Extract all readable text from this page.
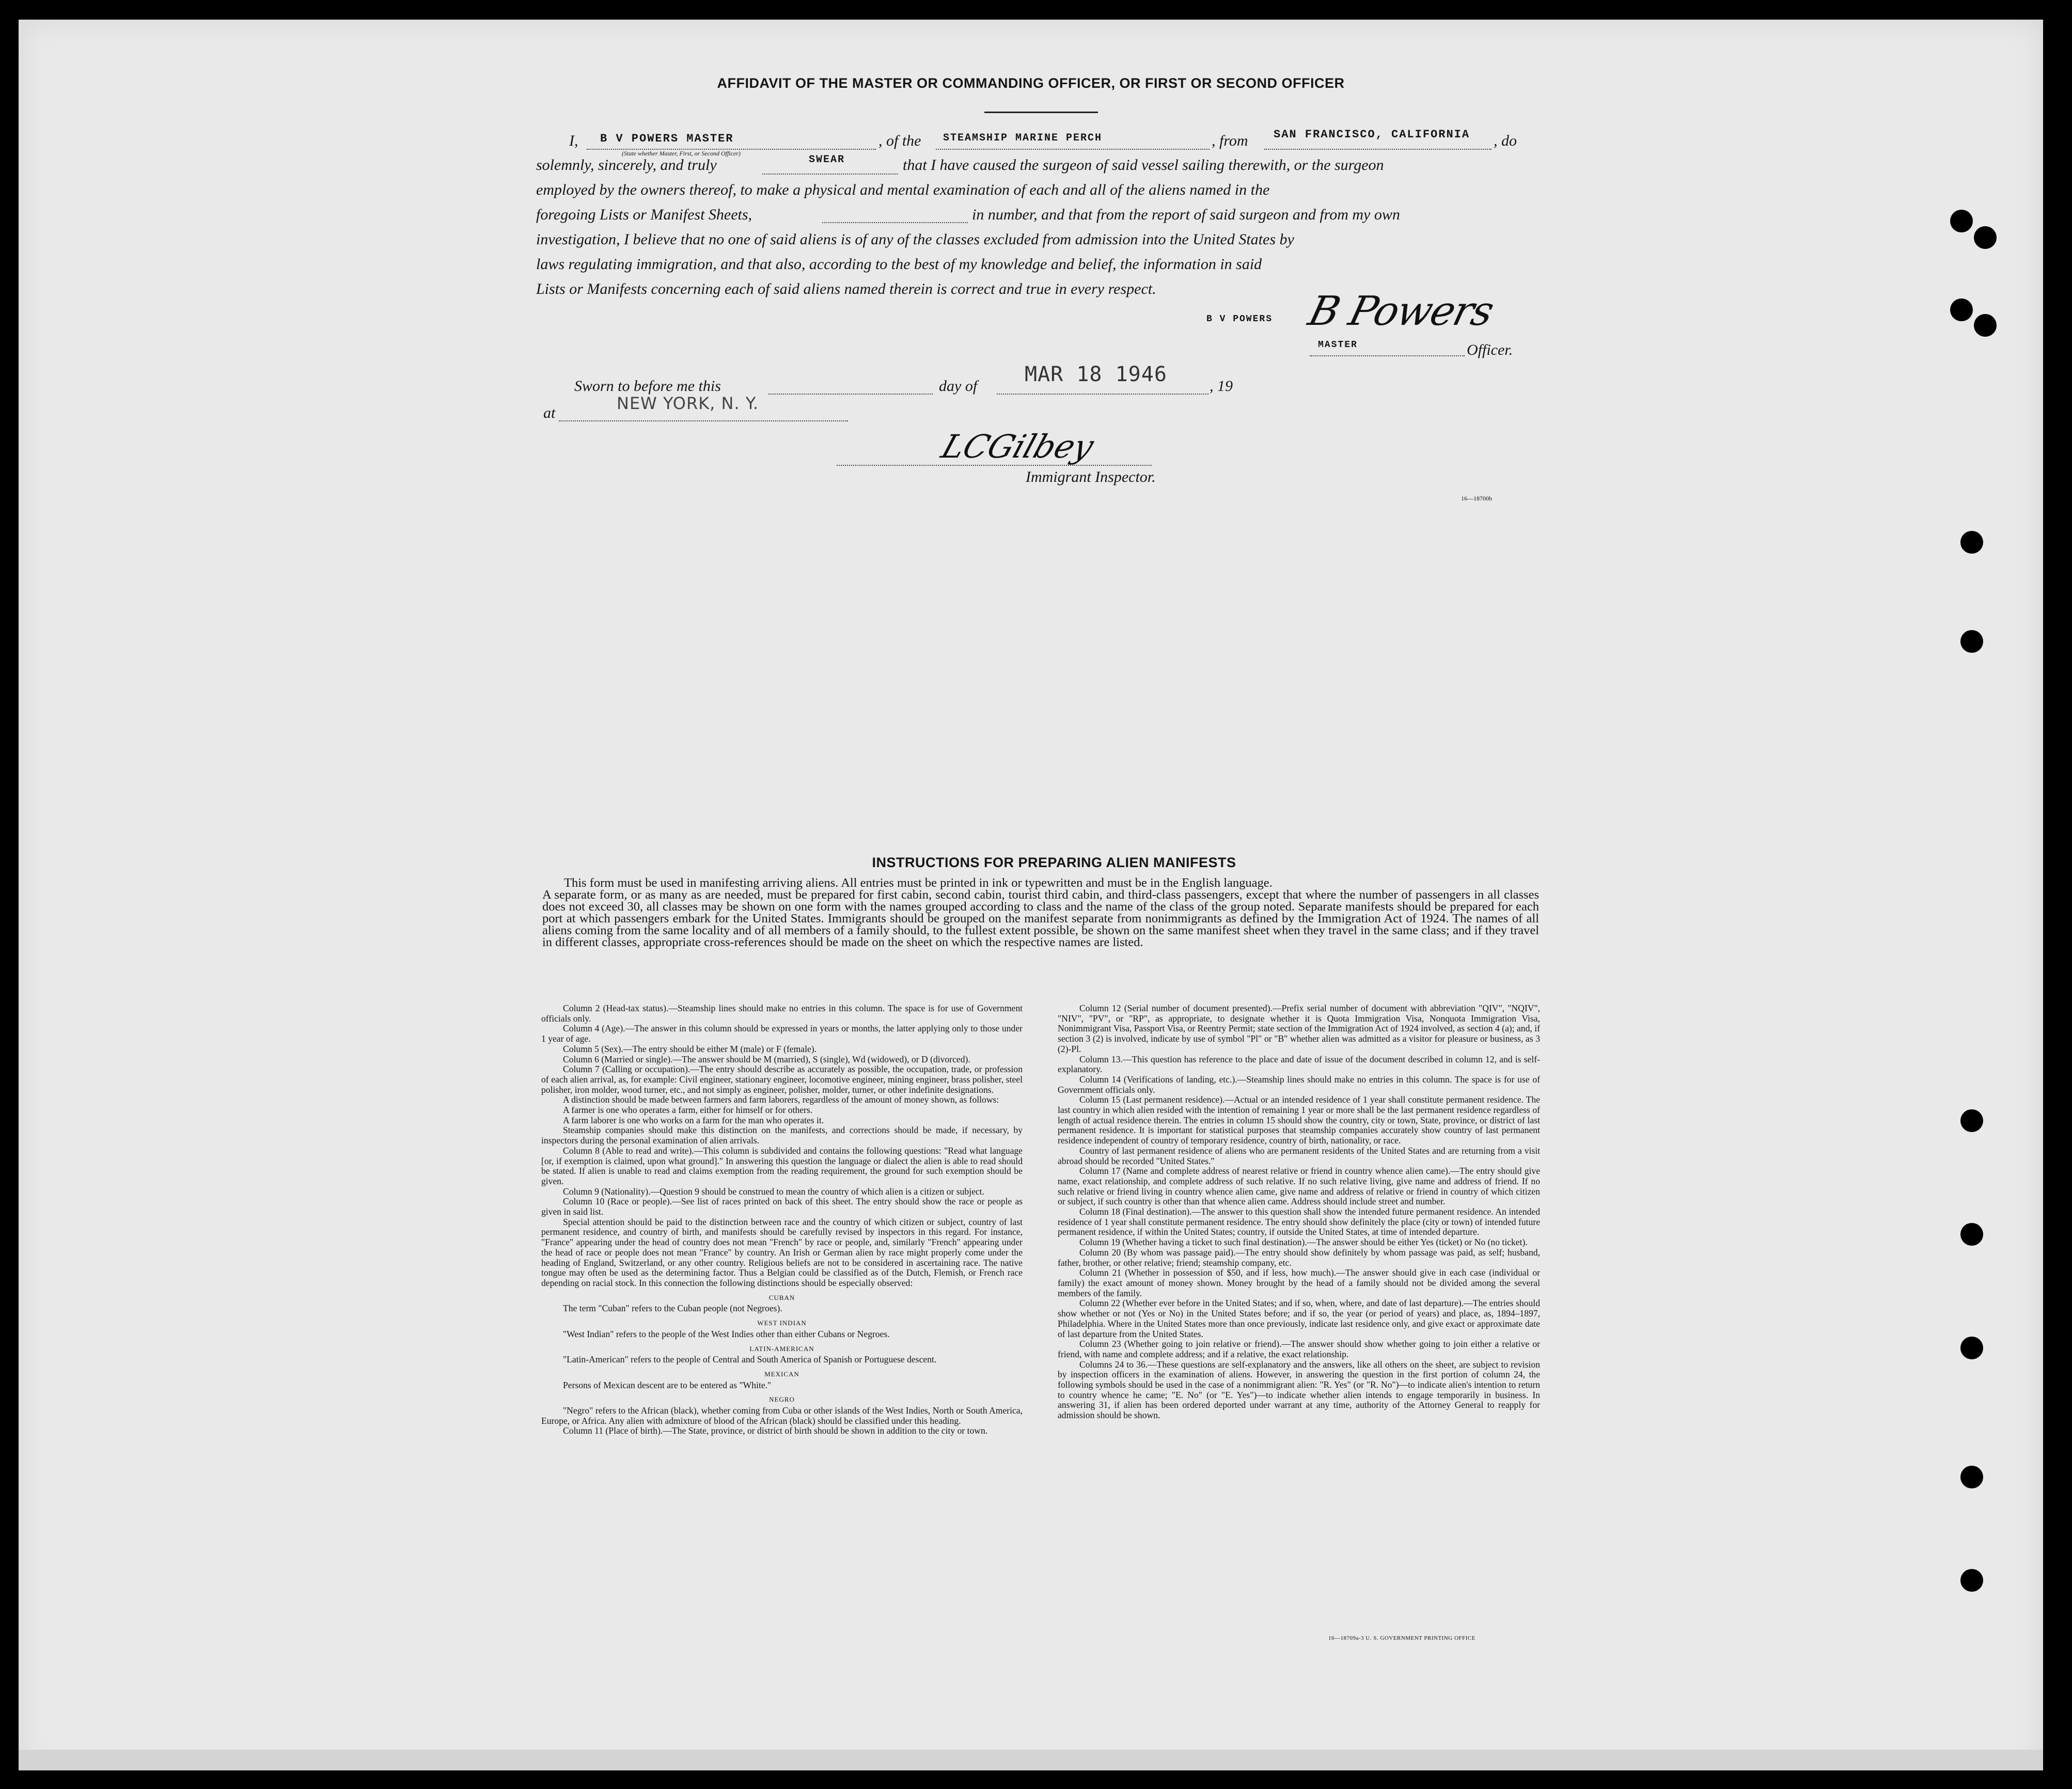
AFFIDAVIT OF THE MASTER OR COMMANDING OFFICER, OR FIRST OR SECOND OFFICER
I, B V POWERS MASTER	, of the STEAMSHIP MARINE PERCH	, from SAN FRANCISCO, CALIFORNIA , do
(State whether Master, First, or Second Officer)
solemnly, sincerely, and truly	SWEAR	that I have caused the surgeon of said vessel sailing therewith, or the surgeon
employed by the owners thereof, to make a physical and mental examination of each and all of the aliens named in the
foregoing Lists or Manifest Sheets,	in number, and that from the report of said surgeon and from my own
investigation, I believe that no one of said aliens is of any of the classes excluded from admission into the United States by
laws regulating immigration, and that also, according to the best of my knowledge and belief, the information in said
Lists or Manifests concerning each of said aliens named therein is correct and true in every respect.
B V POWERS B Powers
MASTER	Officer.
Sworn to before me this	day of MAR 18 1946	, 19
at	NEW YORK, N. Y.
LCGilbey
Immigrant Inspector.
16—18700b
INSTRUCTIONS FOR PREPARING ALIEN MANIFESTS

This form must be used in manifesting arriving aliens. All entries must be printed in ink or typewritten and must be in the English language.

A separate form, or as many as are needed, must be prepared for first cabin, second cabin, tourist third cabin, and third-class passengers, except that where the number of passengers in all classes does not exceed 30, all classes may be shown on one form with the names grouped according to class and the name of the class of the group noted. Separate manifests should be prepared for each port at which passengers embark for the United States. Immigrants should be grouped on the manifest separate from nonimmigrants as defined by the Immigration Act of 1924. The names of all aliens coming from the same locality and of all members of a family should, to the fullest extent possible, be shown on the same manifest sheet when they travel in the same class; and if they travel in different classes, appropriate cross-references should be made on the sheet on which the respective names are listed.

Column 2 (Head-tax status).—Steamship lines should make no entries in this column. The space is for use of Government officials only.

Column 4 (Age).—The answer in this column should be expressed in years or months, the latter applying only to those under 1 year of age.

Column 5 (Sex).—The entry should be either M (male) or F (female).

Column 6 (Married or single).—The answer should be M (married), S (single), Wd (widowed), or D (divorced).

Column 7 (Calling or occupation).—The entry should describe as accurately as possible, the occupation, trade, or profession of each alien arrival, as, for example: Civil engineer, stationary engineer, locomotive engineer, mining engineer, brass polisher, steel polisher, iron molder, wood turner, etc., and not simply as engineer, polisher, molder, turner, or other indefinite designations.

A distinction should be made between farmers and farm laborers, regardless of the amount of money shown, as follows:

A farmer is one who operates a farm, either for himself or for others.

A farm laborer is one who works on a farm for the man who operates it.

Steamship companies should make this distinction on the manifests, and corrections should be made, if necessary, by inspectors during the personal examination of alien arrivals.

Column 8 (Able to read and write).—This column is subdivided and contains the following questions: "Read what language [or, if exemption is claimed, upon what ground]." In answering this question the language or dialect the alien is able to read should be stated. If alien is unable to read and claims exemption from the reading requirement, the ground for such exemption should be given.

Column 9 (Nationality).—Question 9 should be construed to mean the country of which alien is a citizen or subject.

Column 10 (Race or people).—See list of races printed on back of this sheet. The entry should show the race or people as given in said list.

Special attention should be paid to the distinction between race and the country of which citizen or subject, country of last permanent residence, and country of birth, and manifests should be carefully revised by inspectors in this regard. For instance, "France" appearing under the head of country does not mean "French" by race or people, and, similarly "French" appearing under the head of race or people does not mean "France" by country. An Irish or German alien by race might properly come under the heading of England, Switzerland, or any other country. Religious beliefs are not to be considered in ascertaining race. The native tongue may often be used as the determining factor. Thus a Belgian could be classified as of the Dutch, Flemish, or French race depending on racial stock. In this connection the following distinctions should be especially observed:

CUBAN

The term "Cuban" refers to the Cuban people (not Negroes).

WEST INDIAN

"West Indian" refers to the people of the West Indies other than either Cubans or Negroes.

LATIN-AMERICAN

"Latin-American" refers to the people of Central and South America of Spanish or Portuguese descent.

MEXICAN

Persons of Mexican descent are to be entered as "White."

NEGRO

"Negro" refers to the African (black), whether coming from Cuba or other islands of the West Indies, North or South America, Europe, or Africa. Any alien with admixture of blood of the African (black) should be classified under this heading.

Column 11 (Place of birth).—The State, province, or district of birth should be shown in addition to the city or town.

Column 12 (Serial number of document presented).—Prefix serial number of document with abbreviation "QIV", "NQIV", "NIV", "PV", or "RP", as appropriate, to designate whether it is Quota Immigration Visa, Nonquota Immigration Visa, Nonimmigrant Visa, Passport Visa, or Reentry Permit; state section of the Immigration Act of 1924 involved, as section 4 (a); and, if section 3 (2) is involved, indicate by use of symbol "Pl" or "B" whether alien was admitted as a visitor for pleasure or business, as 3 (2)-Pl.

Column 13.—This question has reference to the place and date of issue of the document described in column 12, and is self-explanatory.

Column 14 (Verifications of landing, etc.).—Steamship lines should make no entries in this column. The space is for use of Government officials only.

Column 15 (Last permanent residence).—Actual or an intended residence of 1 year shall constitute permanent residence. The last country in which alien resided with the intention of remaining 1 year or more shall be the last permanent residence regardless of length of actual residence therein. The entries in column 15 should show the country, city or town, State, province, or district of last permanent residence. It is important for statistical purposes that steamship companies accurately show country of last permanent residence independent of country of temporary residence, country of birth, nationality, or race.

Country of last permanent residence of aliens who are permanent residents of the United States and are returning from a visit abroad should be recorded "United States."

Column 17 (Name and complete address of nearest relative or friend in country whence alien came).—The entry should give name, exact relationship, and complete address of such relative. If no such relative living, give name and address of friend. If no such relative or friend living in country whence alien came, give name and address of relative or friend in country of which citizen or subject, if such country is other than that whence alien came. Address should include street and number.

Column 18 (Final destination).—The answer to this question shall show the intended future permanent residence. An intended residence of 1 year shall constitute permanent residence. The entry should show definitely the place (city or town) of intended future permanent residence, if within the United States; country, if outside the United States, at time of intended departure.

Column 19 (Whether having a ticket to such final destination).—The answer should be either Yes (ticket) or No (no ticket).

Column 20 (By whom was passage paid).—The entry should show definitely by whom passage was paid, as self; husband, father, brother, or other relative; friend; steamship company, etc.

Column 21 (Whether in possession of $50, and if less, how much).—The answer should give in each case (individual or family) the exact amount of money shown. Money brought by the head of a family should not be divided among the several members of the family.

Column 22 (Whether ever before in the United States; and if so, when, where, and date of last departure).—The entries should show whether or not (Yes or No) in the United States before; and if so, the year (or period of years) and place, as, 1894–1897, Philadelphia. Where in the United States more than once previously, indicate last residence only, and give exact or approximate date of last departure from the United States.

Column 23 (Whether going to join relative or friend).—The answer should show whether going to join either a relative or friend, with name and complete address; and if a relative, the exact relationship.

Columns 24 to 36.—These questions are self-explanatory and the answers, like all others on the sheet, are subject to revision by inspection officers in the examination of aliens. However, in answering the question in the first portion of column 24, the following symbols should be used in the case of a nonimmigrant alien: "R. Yes" (or "R. No")—to indicate alien's intention to return to country whence he came; "E. No" (or "E. Yes")—to indicate whether alien intends to engage temporarily in business. In answering 31, if alien has been ordered deported under warrant at any time, authority of the Attorney General to reapply for admission should be shown.

16—18709a-3 U. S. GOVERNMENT PRINTING OFFICE
